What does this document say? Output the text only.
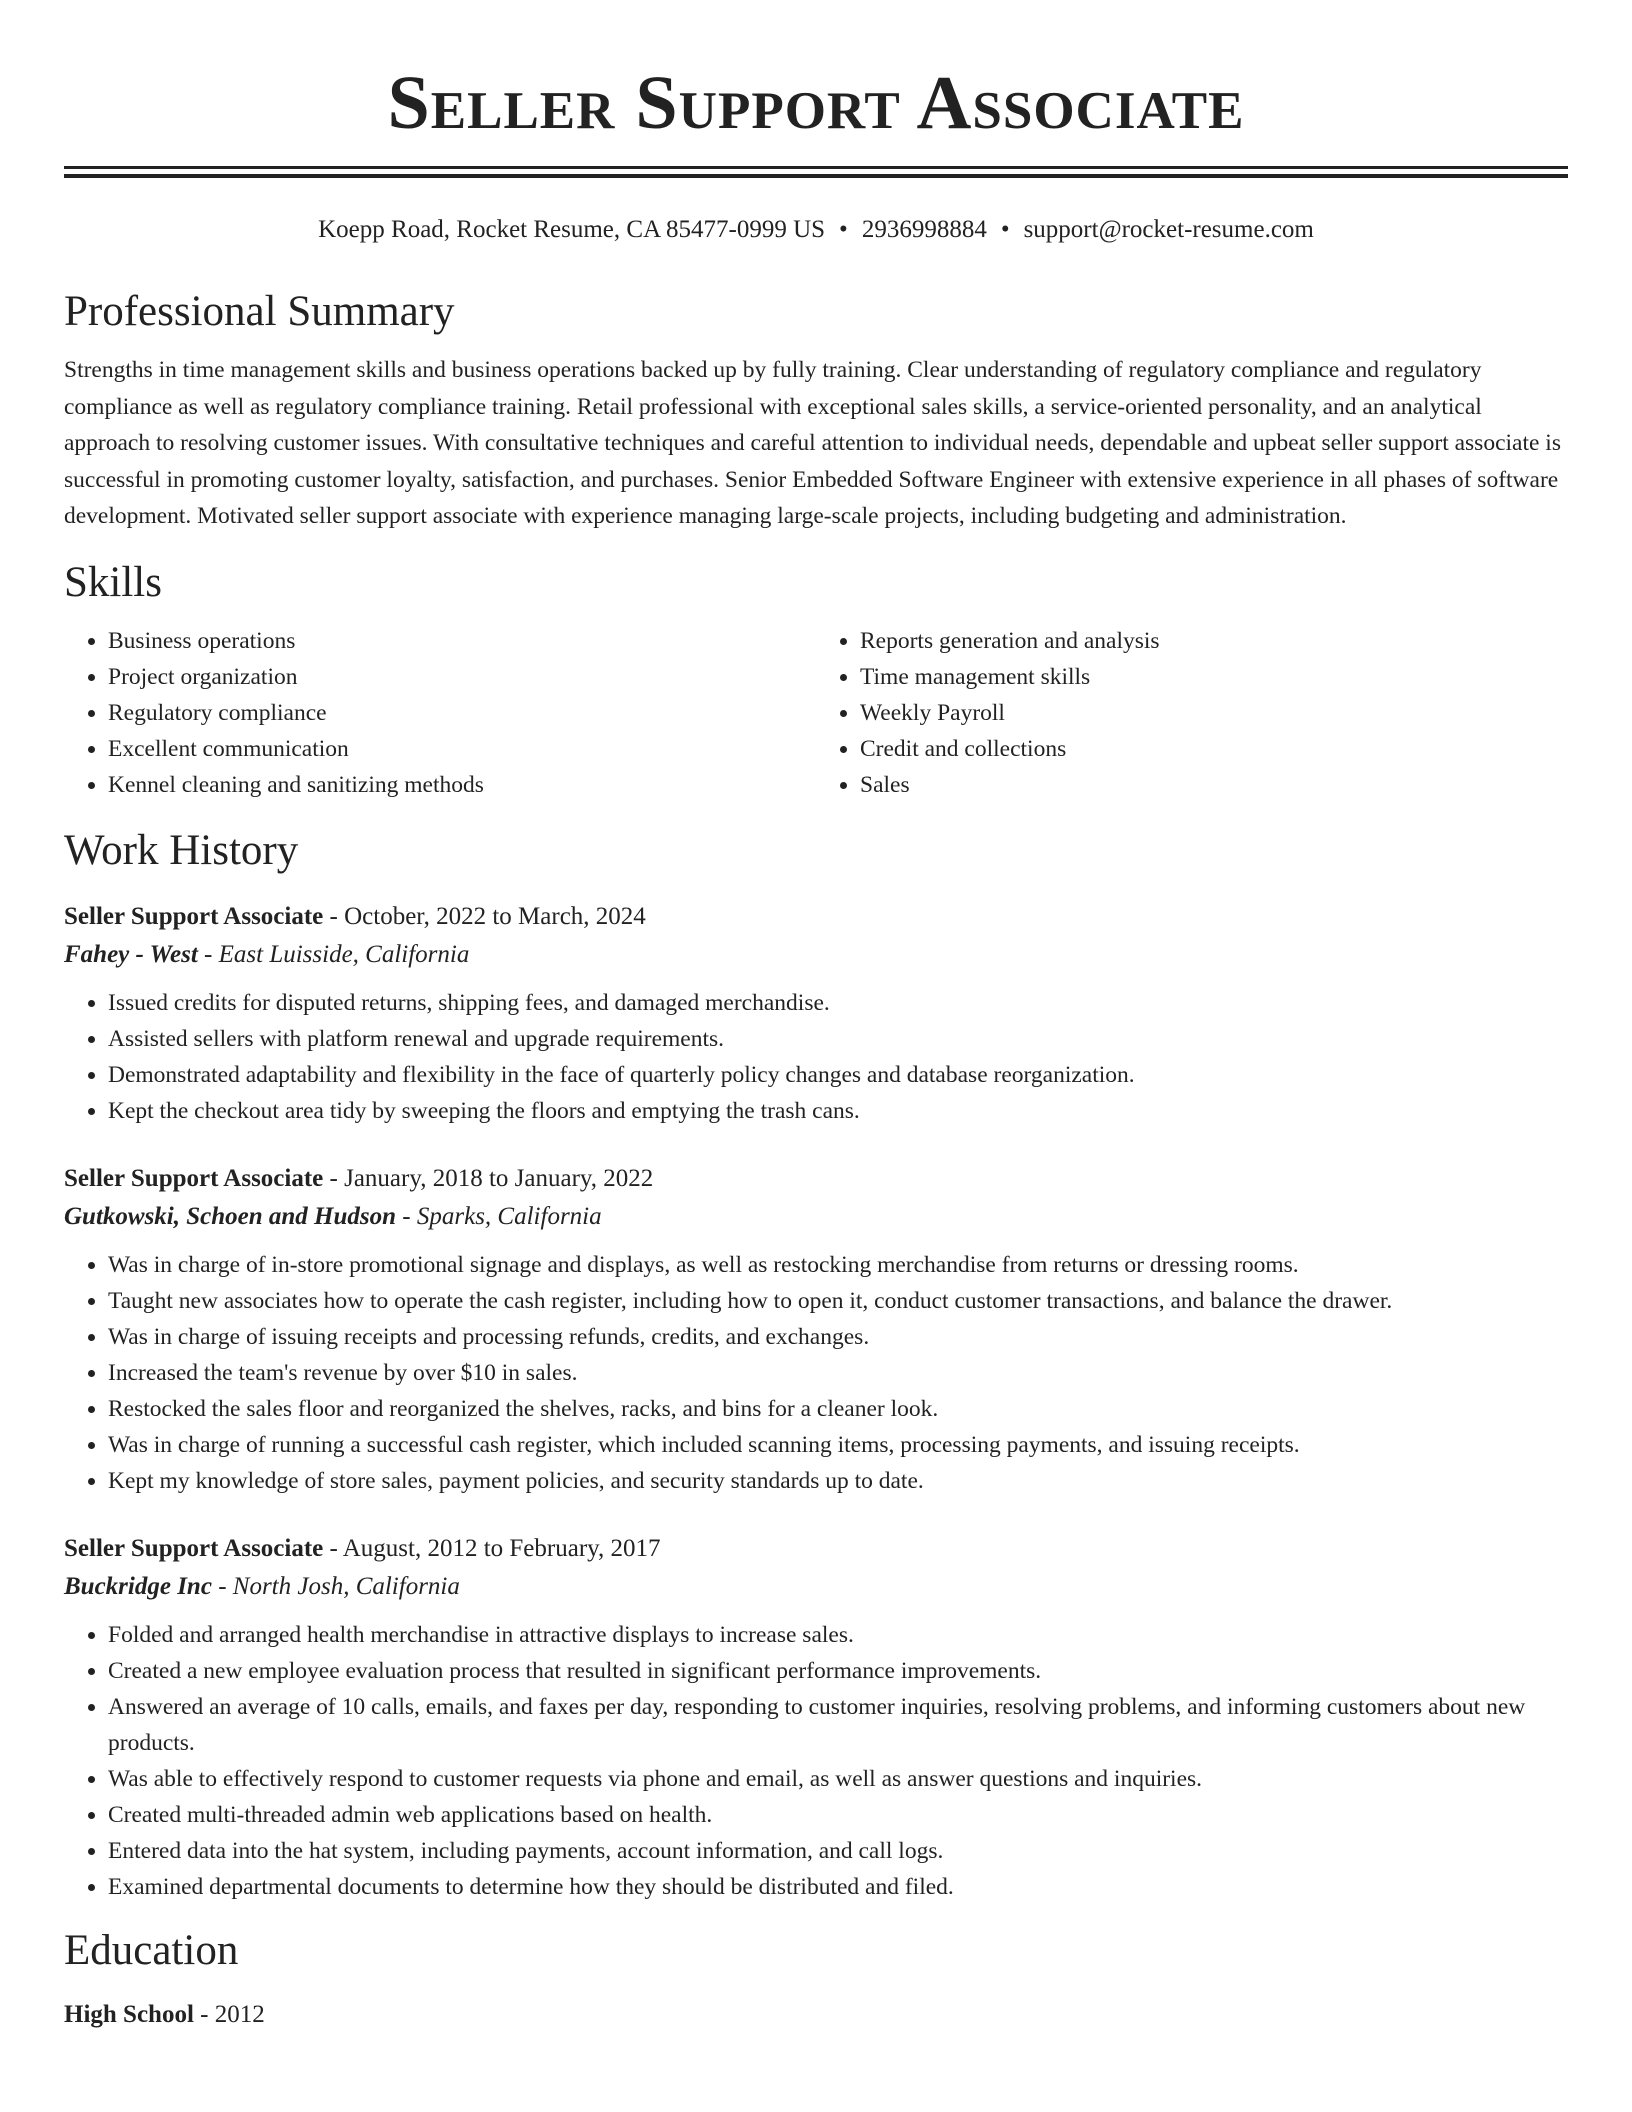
Seller Support Associate
Koepp Road, Rocket Resume, CA 85477-0999 US • 2936998884 • support@rocket-resume.com
Professional Summary

Strengths in time management skills and business operations backed up by fully training. Clear understanding of regulatory compliance and regulatory compliance as well as regulatory compliance training. Retail professional with exceptional sales skills, a service-oriented personality, and an analytical approach to resolving customer issues. With consultative techniques and careful attention to individual needs, dependable and upbeat seller support associate is successful in promoting customer loyalty, satisfaction, and purchases. Senior Embedded Software Engineer with extensive experience in all phases of software development. Motivated seller support associate with experience managing large-scale projects, including budgeting and administration.

Skills
• Business operations
• Project organization
• Regulatory compliance
• Excellent communication
• Kennel cleaning and sanitizing methods
• Reports generation and analysis
• Time management skills
• Weekly Payroll
• Credit and collections
• Sales
Work History
Seller Support Associate - October, 2022 to March, 2024
Fahey - West - East Luisside, California
• Issued credits for disputed returns, shipping fees, and damaged merchandise.
• Assisted sellers with platform renewal and upgrade requirements.
• Demonstrated adaptability and flexibility in the face of quarterly policy changes and database reorganization.
• Kept the checkout area tidy by sweeping the floors and emptying the trash cans.
Seller Support Associate - January, 2018 to January, 2022
Gutkowski, Schoen and Hudson - Sparks, California
• Was in charge of in-store promotional signage and displays, as well as restocking merchandise from returns or dressing rooms.
• Taught new associates how to operate the cash register, including how to open it, conduct customer transactions, and balance the drawer.
• Was in charge of issuing receipts and processing refunds, credits, and exchanges.
• Increased the team's revenue by over $10 in sales.
• Restocked the sales floor and reorganized the shelves, racks, and bins for a cleaner look.
• Was in charge of running a successful cash register, which included scanning items, processing payments, and issuing receipts.
• Kept my knowledge of store sales, payment policies, and security standards up to date.
Seller Support Associate - August, 2012 to February, 2017
Buckridge Inc - North Josh, California
• Folded and arranged health merchandise in attractive displays to increase sales.
• Created a new employee evaluation process that resulted in significant performance improvements.
• Answered an average of 10 calls, emails, and faxes per day, responding to customer inquiries, resolving problems, and informing customers about new products.
• Was able to effectively respond to customer requests via phone and email, as well as answer questions and inquiries.
• Created multi-threaded admin web applications based on health.
• Entered data into the hat system, including payments, account information, and call logs.
• Examined departmental documents to determine how they should be distributed and filed.
Education
High School - 2012
